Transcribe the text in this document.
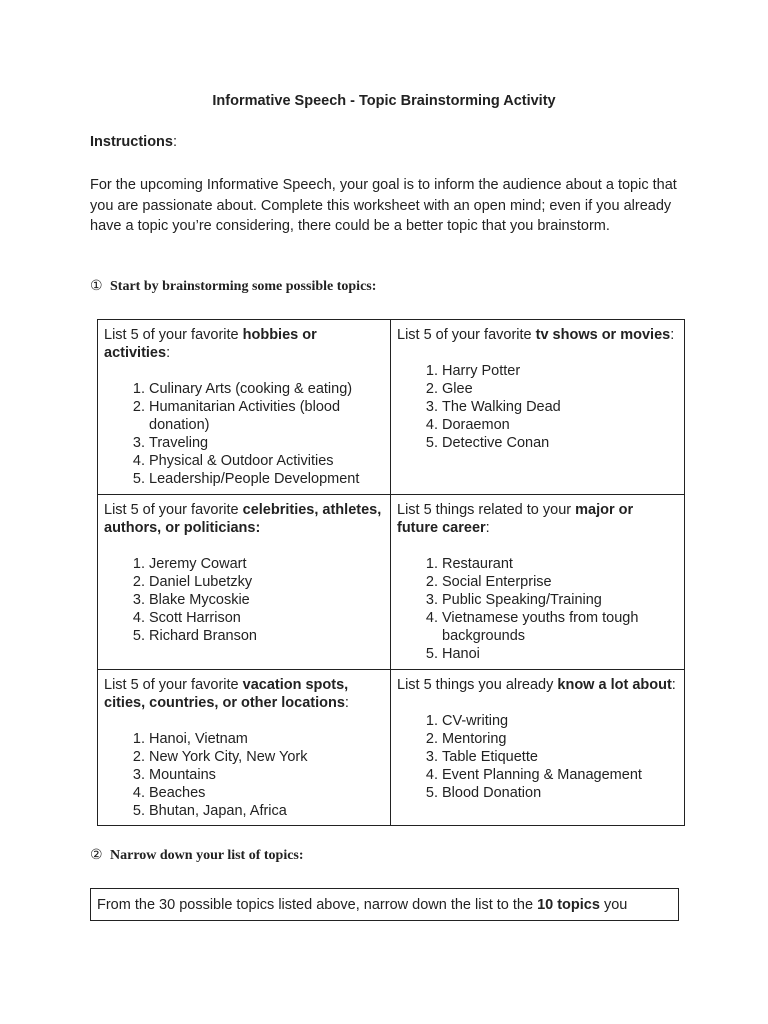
Informative Speech - Topic Brainstorming Activity
Instructions:

For the upcoming Informative Speech, your goal is to inform the audience about a topic that you are passionate about. Complete this worksheet with an open mind; even if you already have a topic you’re considering, there could be a better topic that you brainstorm.

① Start by brainstorming some possible topics:

List 5 of your favorite hobbies or activities:

1. Culinary Arts (cooking & eating)
2. Humanitarian Activities (blood donation)
3. Traveling
4. Physical & Outdoor Activities
5. Leadership/People Development

List 5 of your favorite tv shows or movies:

1. Harry Potter
2. Glee
3. The Walking Dead
4. Doraemon
5. Detective Conan

List 5 of your favorite celebrities, athletes, authors, or politicians:

1. Jeremy Cowart
2. Daniel Lubetzky
3. Blake Mycoskie
4. Scott Harrison
5. Richard Branson

List 5 things related to your major or future career:

1. Restaurant
2. Social Enterprise
3. Public Speaking/Training
4. Vietnamese youths from tough backgrounds
5. Hanoi

List 5 of your favorite vacation spots, cities, countries, or other locations:

1. Hanoi, Vietnam
2. New York City, New York
3. Mountains
4. Beaches
5. Bhutan, Japan, Africa

List 5 things you already know a lot about:

1. CV-writing
2. Mentoring
3. Table Etiquette
4. Event Planning & Management
5. Blood Donation
② Narrow down your list of topics:
From the 30 possible topics listed above, narrow down the list to the 10 topics you
